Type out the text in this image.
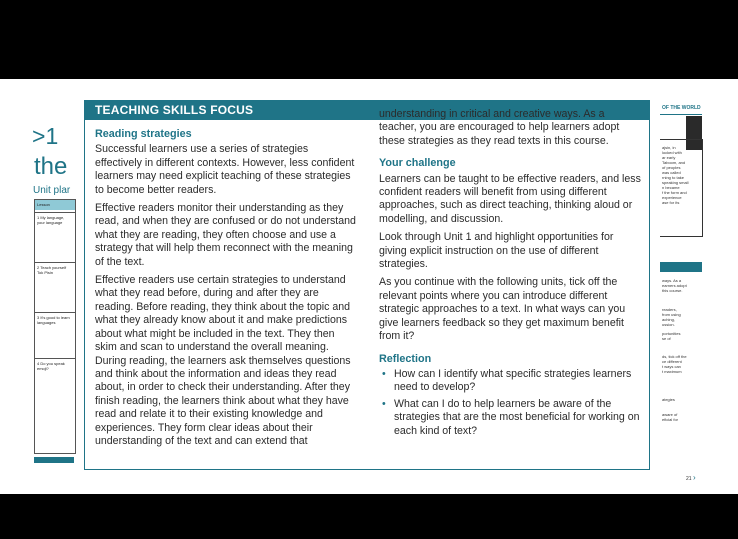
>1
the
Unit plar
Lesson
1 My language, your language
2 Teach yourself Tok Pisin
3 It's good to learn languages
4 Do you speak emoji?
TEACHING SKILLS FOCUS
Reading strategies

Successful learners use a series of strategies effectively in different contexts. However, less confident learners may need explicit teaching of these strategies to become better readers.

Effective readers monitor their understanding as they read, and when they are confused or do not understand what they are reading, they often choose and use a strategy that will help them reconnect with the meaning of the text.

Effective readers use certain strategies to understand what they read before, during and after they are reading. Before reading, they think about the topic and what they already know about it and make predictions about what might be included in the text. They then skim and scan to understand the overall meaning. During reading, the learners ask themselves questions and think about the information and ideas they read about, in order to check their understanding. After they finish reading, the learners think about what they have read and relate it to their existing knowledge and experiences. They form clear ideas about their understanding of the text and can extend that

understanding in critical and creative ways. As a teacher, you are encouraged to help learners adopt these strategies as they read texts in this course.

Your challenge

Learners can be taught to be effective readers, and less confident readers will benefit from using different approaches, such as direct teaching, thinking aloud or modelling, and discussion.

Look through Unit 1 and highlight opportunities for giving explicit instruction on the use of different strategies.

As you continue with the following units, tick off the relevant points where you can introduce different strategic approaches to a text. In what ways can you give learners feedback so they get maximum benefit from it?

Reflection
• How can I identify what specific strategies learners need to develop?
• What can I do to help learners be aware of the strategies that are the most beneficial for working on each kind of text?
OF THE WORLD
ajsin, in
locked with
ar early
Taboom, and
of peoples
was called
rning to take
speaking small
n became
f the form and
experience
ase for its
ways. As a
earners adopt
this course.
readers,
from using
aching,
ussion.
portunities
se of
ds, tick off the
ce different
t ways can
t maximum
ategies
aware of
eficial for
21 ›
